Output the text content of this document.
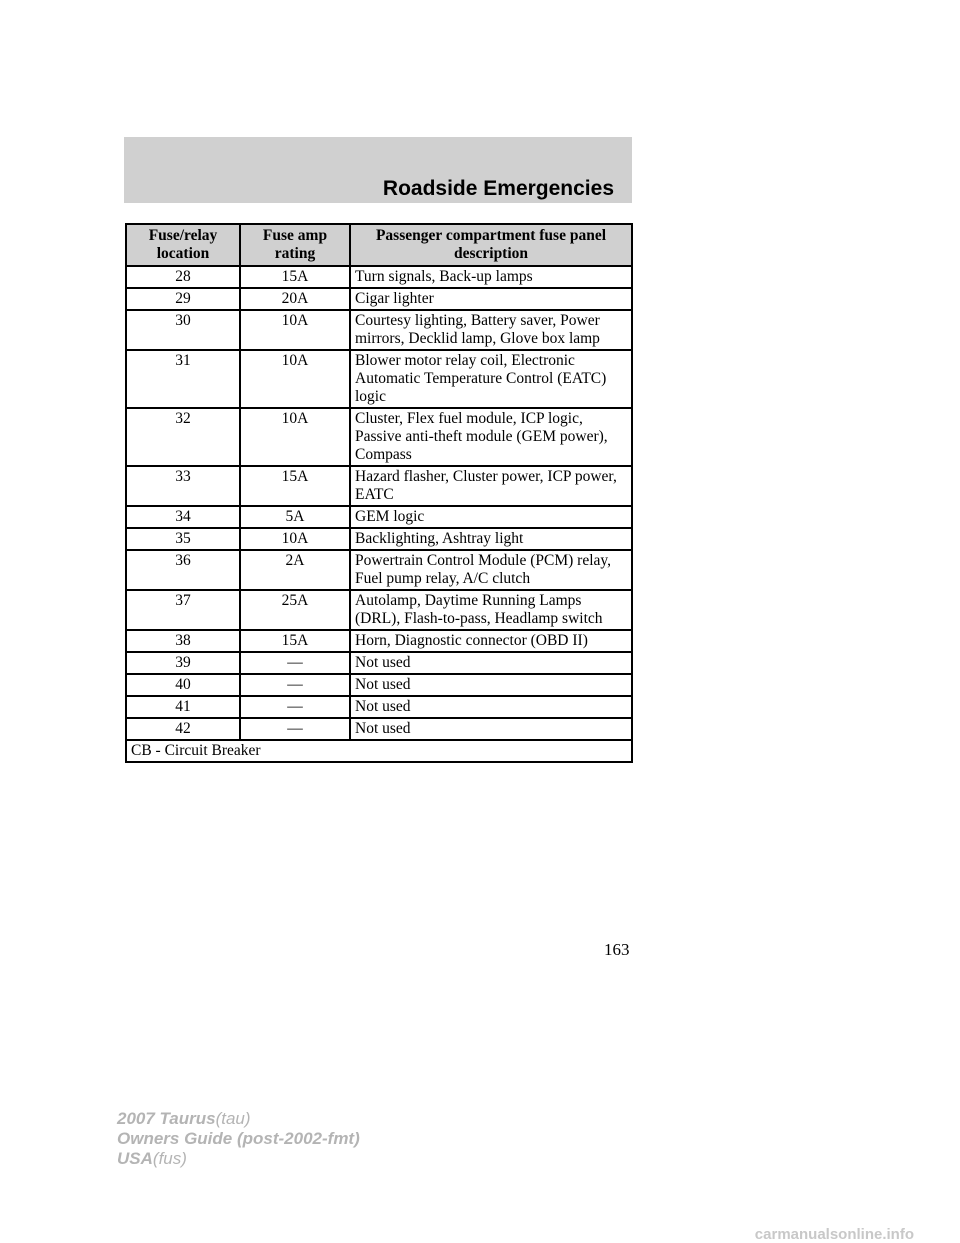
Roadside Emergencies
Fuse/relay location	Fuse amp rating	Passenger compartment fuse panel description
28	15A	Turn signals, Back-up lamps
29	20A	Cigar lighter
30	10A	Courtesy lighting, Battery saver, Power mirrors, Decklid lamp, Glove box lamp
31	10A	Blower motor relay coil, Electronic Automatic Temperature Control (EATC) logic
32	10A	Cluster, Flex fuel module, ICP logic, Passive anti-theft module (GEM power), Compass
33	15A	Hazard flasher, Cluster power, ICP power, EATC
34	5A	GEM logic
35	10A	Backlighting, Ashtray light
36	2A	Powertrain Control Module (PCM) relay, Fuel pump relay, A/C clutch
37	25A	Autolamp, Daytime Running Lamps (DRL), Flash-to-pass, Headlamp switch
38	15A	Horn, Diagnostic connector (OBD II)
39	—	Not used
40	—	Not used
41	—	Not used
42	—	Not used
CB - Circuit Breaker		
163
2007 Taurus(tau)
Owners Guide (post-2002-fmt)
USA(fus)
carmanualsonline.info
